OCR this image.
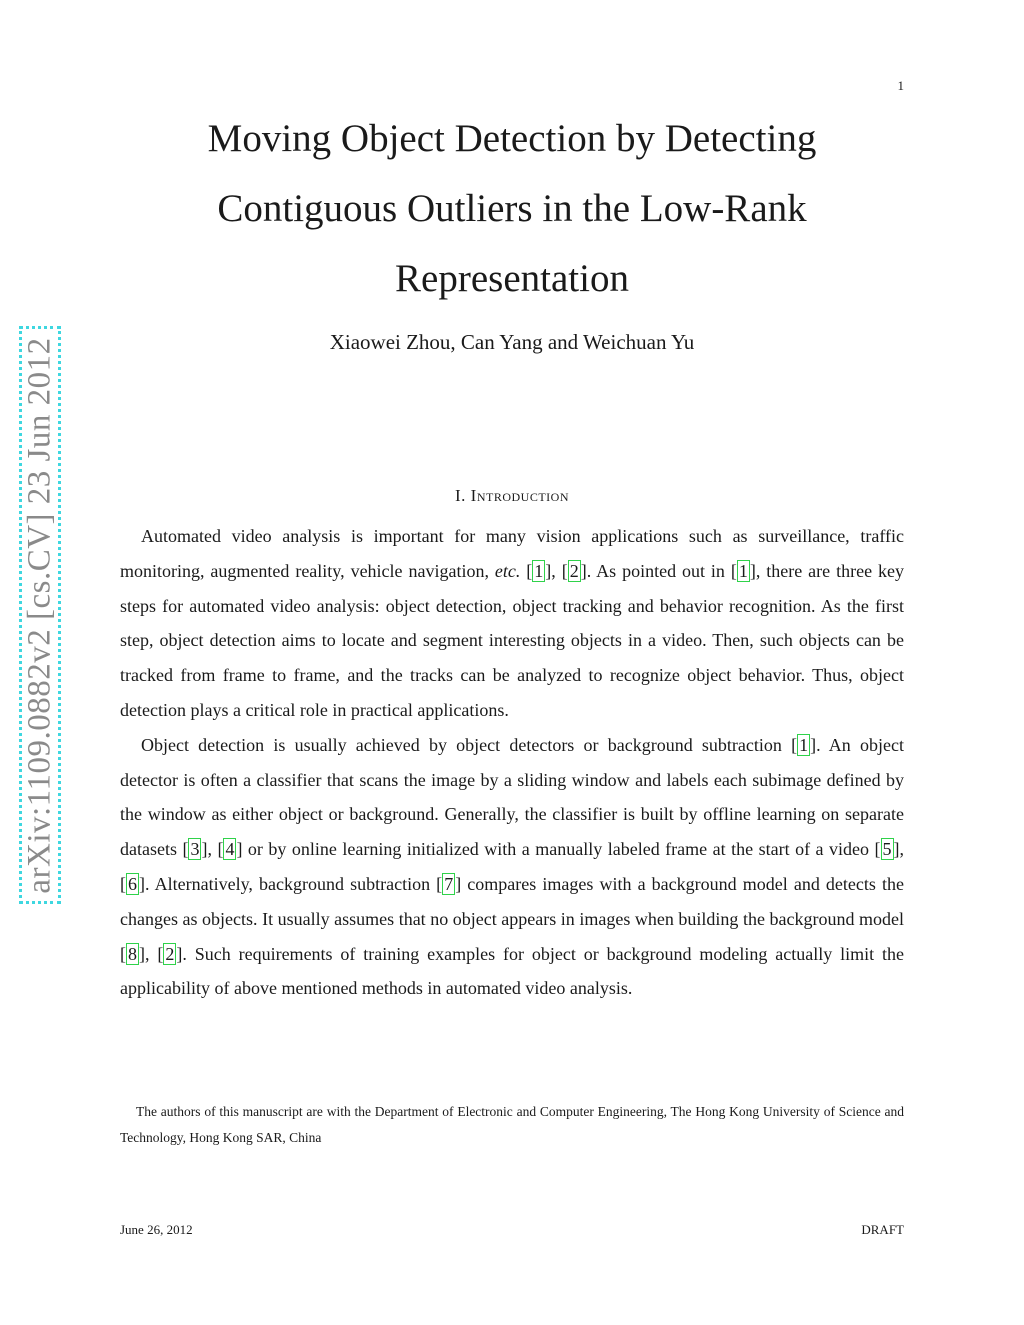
1
Moving Object Detection by Detecting
Contiguous Outliers in the Low-Rank
Representation
Xiaowei Zhou, Can Yang and Weichuan Yu
arXiv:1109.0882v2 [cs.CV] 23 Jun 2012	I. Introduction

Automated video analysis is important for many vision applications such as surveillance, traffic monitoring, augmented reality, vehicle navigation, etc. [ 1 ], [ 2 ]. As pointed out in [ 1 ], there are three key steps for automated video analysis: object detection, object tracking and behavior recognition. As the first step, object detection aims to locate and segment interesting objects in a video. Then, such objects can be tracked from frame to frame, and the tracks can be analyzed to recognize object behavior. Thus, object detection plays a critical role in practical applications.

Object detection is usually achieved by object detectors or background subtraction [ 1 ]. An object detector is often a classifier that scans the image by a sliding window and labels each subimage defined by the window as either object or background. Generally, the classifier is built by offline learning on separate datasets [ 3 ], [ 4 ] or by online learning initialized with a manually labeled frame at the start of a video [ 5 ], [ 6 ]. Alternatively, background subtraction [ 7 ] compares images with a background model and detects the changes as objects. It usually assumes that no object appears in images when building the background model [ 8 ], [ 2 ]. Such requirements of training examples for object or background modeling actually limit the applicability of above mentioned methods in automated video analysis.

The authors of this manuscript are with the Department of Electronic and Computer Engineering, The Hong Kong University of Science and Technology, Hong Kong SAR, China
June 26, 2012	DRAFT
